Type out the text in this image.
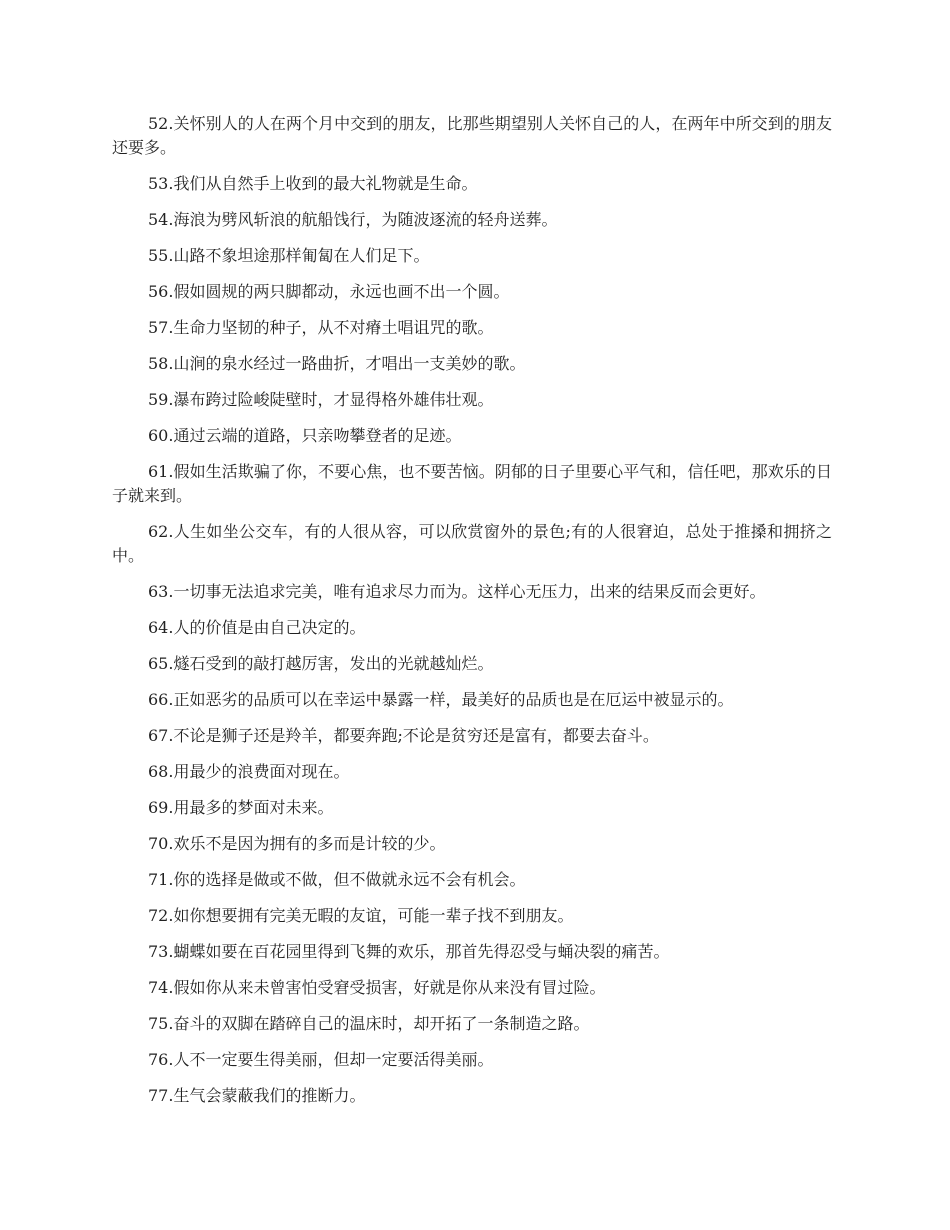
52.关怀别人的人在两个月中交到的朋友，比那些期望别人关怀自己的人，在两年中所交到的朋友还要多。

53.我们从自然手上收到的最大礼物就是生命。

54.海浪为劈风斩浪的航船饯行，为随波逐流的轻舟送葬。

55.山路不象坦途那样匍匐在人们足下。

56.假如圆规的两只脚都动，永远也画不出一个圆。

57.生命力坚韧的种子，从不对瘠土唱诅咒的歌。

58.山涧的泉水经过一路曲折，才唱出一支美妙的歌。

59.瀑布跨过险峻陡壁时，才显得格外雄伟壮观。

60.通过云端的道路，只亲吻攀登者的足迹。

61.假如生活欺骗了你，不要心焦，也不要苦恼。阴郁的日子里要心平气和，信任吧，那欢乐的日子就来到。

62.人生如坐公交车，有的人很从容，可以欣赏窗外的景色;有的人很窘迫，总处于推搡和拥挤之中。

63.一切事无法追求完美，唯有追求尽力而为。这样心无压力，出来的结果反而会更好。

64.人的价值是由自己决定的。

65.燧石受到的敲打越厉害，发出的光就越灿烂。

66.正如恶劣的品质可以在幸运中暴露一样，最美好的品质也是在厄运中被显示的。

67.不论是狮子还是羚羊，都要奔跑;不论是贫穷还是富有，都要去奋斗。

68.用最少的浪费面对现在。

69.用最多的梦面对未来。

70.欢乐不是因为拥有的多而是计较的少。

71.你的选择是做或不做，但不做就永远不会有机会。

72.如你想要拥有完美无暇的友谊，可能一辈子找不到朋友。

73.蝴蝶如要在百花园里得到飞舞的欢乐，那首先得忍受与蛹决裂的痛苦。

74.假如你从来未曾害怕受窘受损害，好就是你从来没有冒过险。

75.奋斗的双脚在踏碎自己的温床时，却开拓了一条制造之路。

76.人不一定要生得美丽，但却一定要活得美丽。

77.生气会蒙蔽我们的推断力。
